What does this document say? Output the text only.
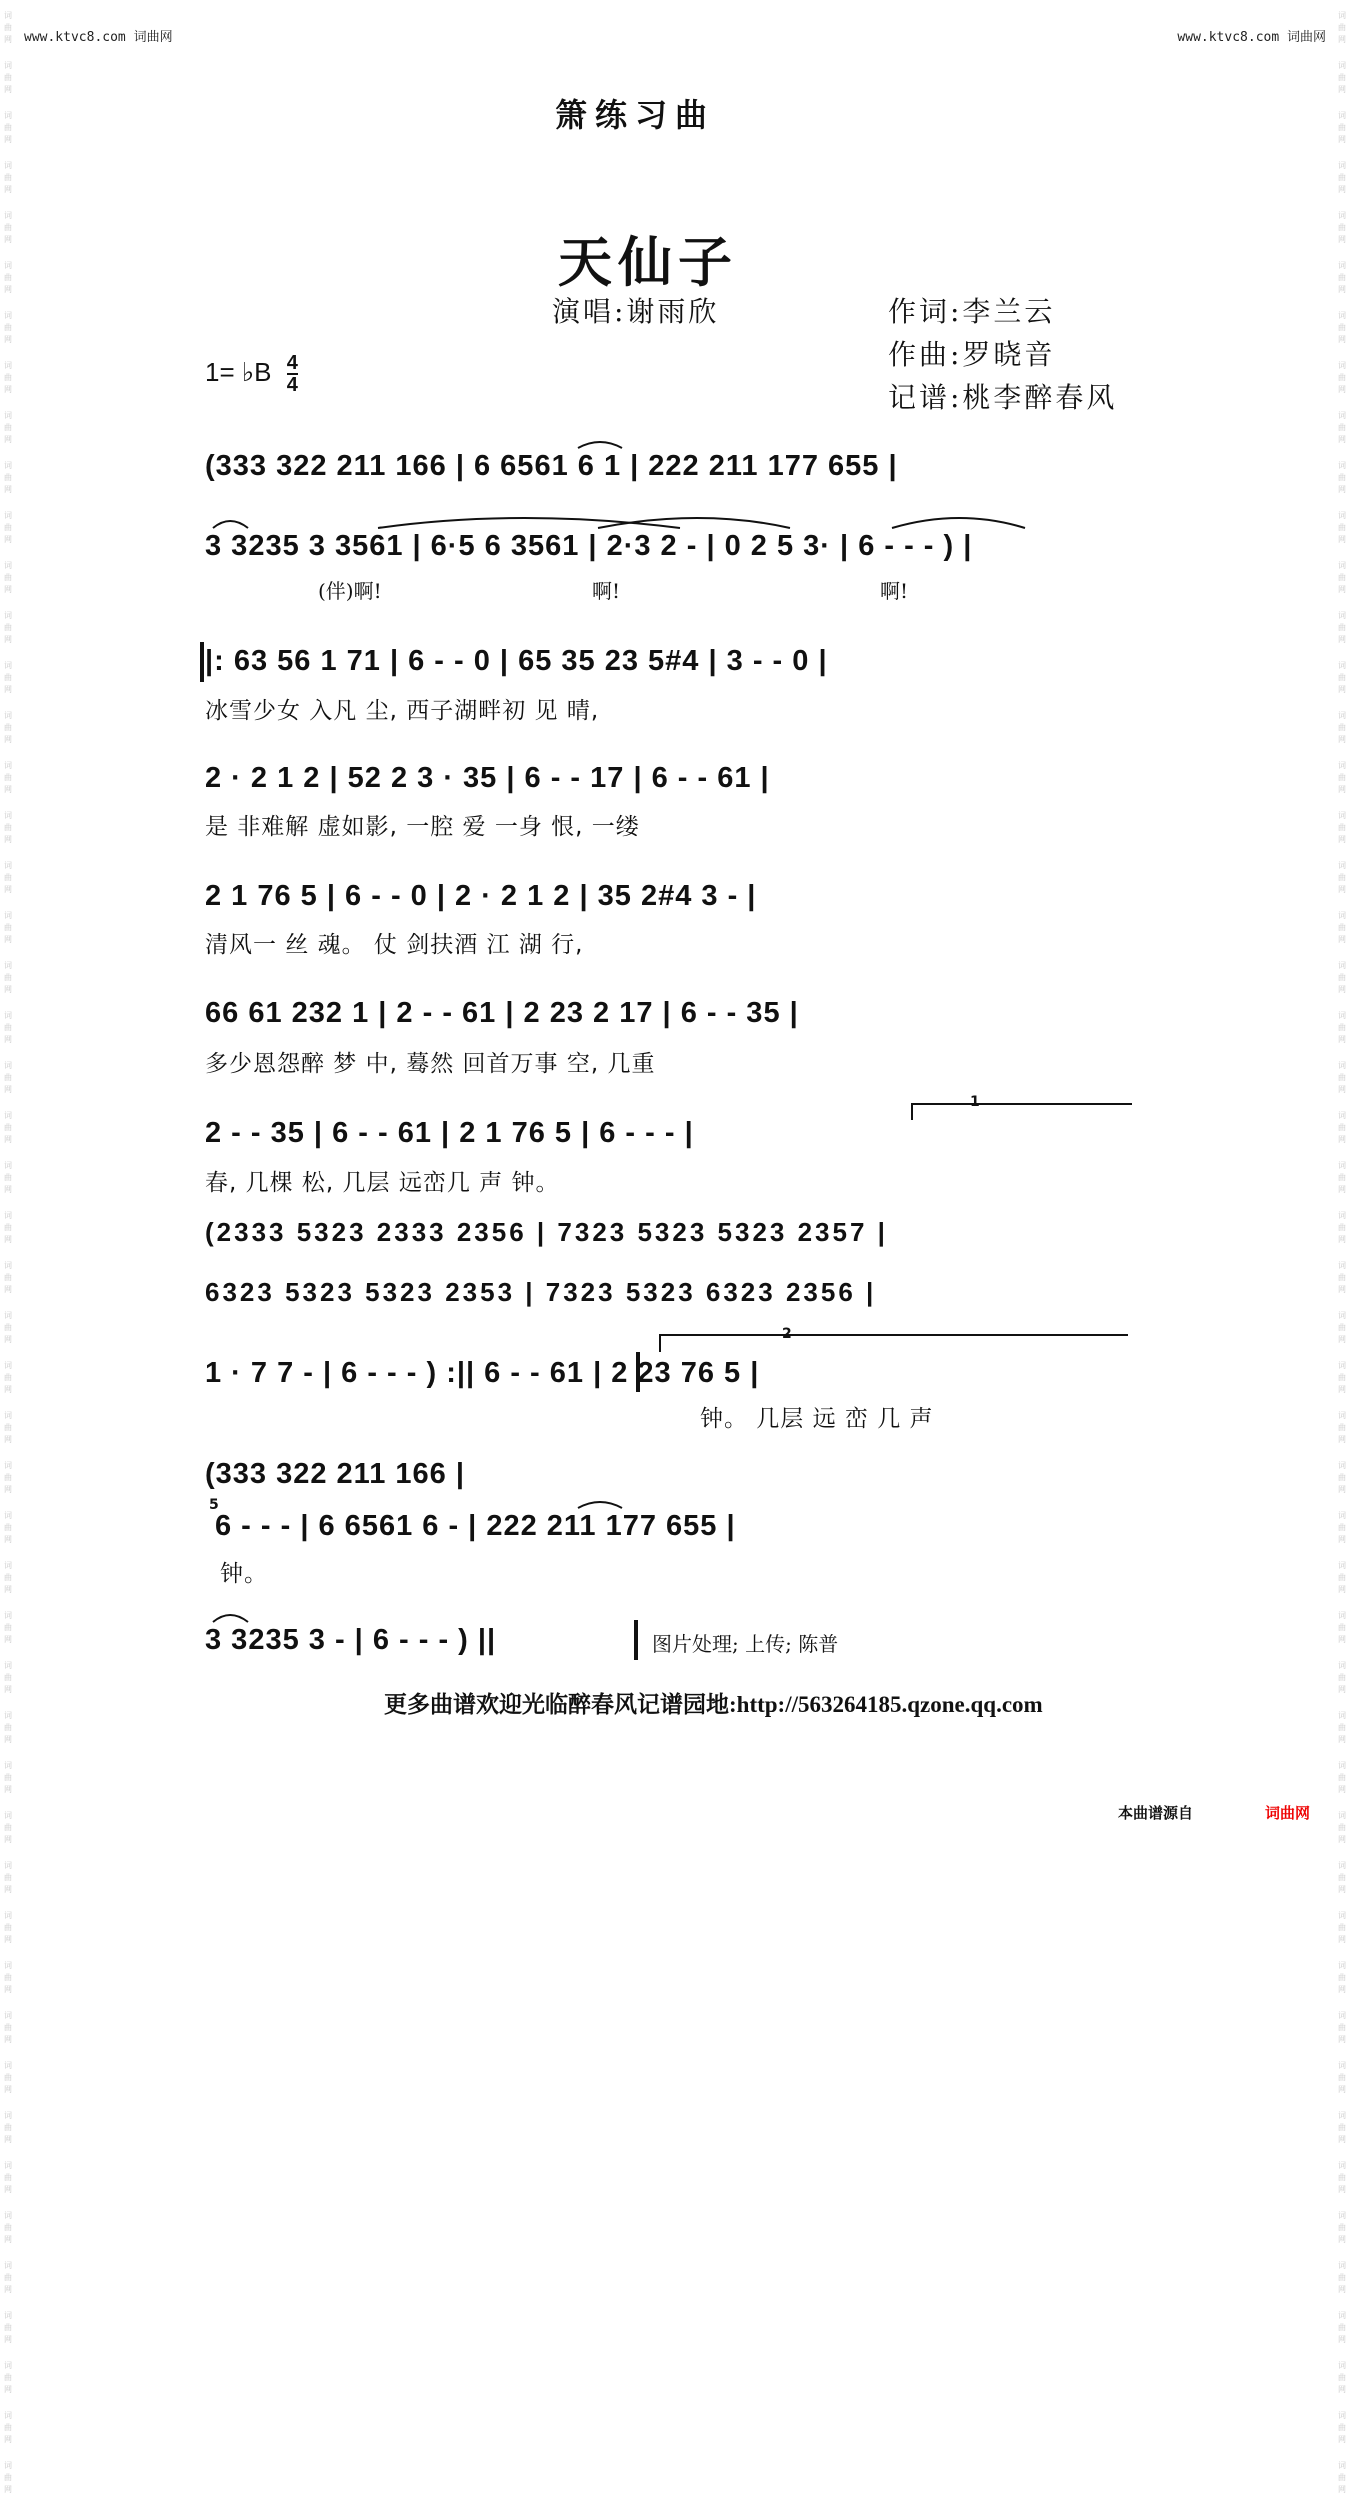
词
曲
网
词
曲
网
词
曲
网
词
曲
网
词
曲
网
词
曲
网
词
曲
网
词
曲
网
词
曲
网
词
曲
网
词
曲
网
词
曲
网
词
曲
网
词
曲
网
词
曲
网
词
曲
网
词
曲
网
词
曲
网
词
曲
网
词
曲
网
词
曲
网
词
曲
网
词
曲
网
词
曲
网
词
曲
网
词
曲
网
词
曲
网
词
曲
网
词
曲
网
词
曲
网
词
曲
网
词
曲
网
词
曲
网
词
曲
网
词
曲
网
词
曲
网
词
曲
网
词
曲
网
词
曲
网
词
曲
网
词
曲
网
词
曲
网
词
曲
网
词
曲
网
词
曲
网
词
曲
网
词
曲
网
词
曲
网
词
曲
网
词
曲
网
词
曲
网
词
曲
网
词
曲
网
词
曲
网
词
曲
网
词
曲
网
词
曲
网
词
曲
网
词
曲
网
词
曲
网
词
曲
网
词
曲
网
词
曲
网
词
曲
网
词
曲
网
词
曲
网
词
曲
网
词
曲
网
词
曲
网
词
曲
网
词
曲
网
词
曲
网
词
曲
网
词
曲
网
词
曲
网
词
曲
网
词
曲
网
词
曲
网
词
曲
网
词
曲
网
词
曲
网
词
曲
网
词
曲
网
词
曲
网
词
曲
网
词
曲
网
词
曲
网
词
曲
网
词
曲
网
词
曲
网
词
曲
网
词
曲
网
词
曲
网
词
曲
网
词
曲
网
词
曲
网
词
曲
网
词
曲
网
词
曲
网
词
曲
网
www.ktvc8.com 词曲网	www.ktvc8.com 词曲网
箫练习曲
天仙子
演唱:谢雨欣	作词:李兰云
作曲:罗晓音
记谱:桃李醉春风
1= ♭B $\frac{4}{4}$
(333 322 211 166 | 6 6561 6 1 | 222 211 177 655 |
3 3235 3 3561 | 6·5 6 3561 | 2·3 2 - | 0 2 5 3· | 6 - - - ) |
(伴)啊!	啊!	啊!
|: 63 56 1 71 | 6 - - 0 | 65 35 23 5#4 | 3 - - 0 |
冰雪少女 入凡 尘, 西子湖畔初 见 晴,
2 · 2 1 2 | 52 2 3 · 35 | 6 - - 17 | 6 - - 61 |
是 非难解 虚如影, 一腔 爱 一身 恨, 一缕
2 1 76 5 | 6 - - 0 | 2 · 2 1 2 | 35 2#4 3 - |
清风一 丝 魂。 仗 剑扶酒 江 湖 行,
66 61 232 1 | 2 - - 61 | 2 23 2 17 | 6 - - 35 |
多少恩怨醉 梦 中, 蓦然 回首万事 空, 几重
1
2 - - 35 | 6 - - 61 | 2 1 76 5 | 6 - - - |
春, 几棵 松, 几层 远峦几 声 钟。
(2333 5323 2333 2356 | 7323 5323 5323 2357 |
6323 5323 5323 2353 | 7323 5323 6323 2356 |
2
1 · 7 7 - | 6 - - - ) :|| 6 - - 61 | 2 23 76 5 |
钟。 几层 远 峦 几 声
(333 322 211 166 |
5
6 - - - | 6 6561 6 - | 222 211 177 655 |
钟。
3 3235 3 - | 6 - - - ) ||	图片处理; 上传; 陈普
更多曲谱欢迎光临醉春风记谱园地:http://563264185.qzone.qq.com
本曲谱源自	词曲网
